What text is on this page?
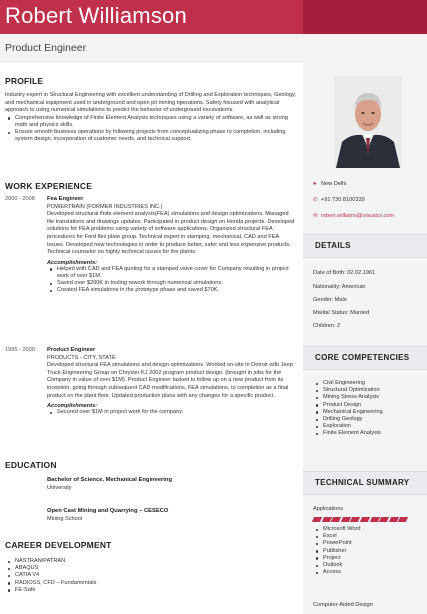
Robert Williamson
Product Engineer
PROFILE

Industry expert in Structural Engineering with excellent understanding of Drilling and Exploration techniques, Geology, and mechanical equipment used in underground and open pit mining operations. Safety focused with analytical approach to using numerical simulations to predict the behavior of underground excavations.

Comprehensive knowledge of Finite Element Analysis techniques using a variety of software, as well as strong math and physics skills.
Ensure smooth business operations by following projects from conceptualizing phase to completion, including system design, incorporation of customer needs, and technical support.
WORK EXPERIENCE
2000 - 2008 Fea Engineer
POWERTRAIN (FORMER INDUSTRIES INC.)

Developed structural finite element analysis(FEA) simulations and design optimizations. Managed file translations and drawings updates. Participated in product design on Honda projects. Developed solutions for FEA problems using variety of software applications. Organized structural FEA procedures for Ford flex plate group. Technical expert in stamping, mechanical, CAD and FEA issues. Developed new technologies in order to produce better, safer and less expensive products. Technical counselor on highly technical issues for the plants.

Accomplishments:
Helped with CAD and FEA quoting for a stamped valve cover for Company resulting in project work of over $1M.
Saved over $200K in tooling rework through numerical simulations.
Created FEA simulations in the prototype phase and saved $70K.
1995 - 2000 Product Engineer
PRODUCTS - CITY, STATE

Developed structural FEA simulations and design optimizations. Worked on-site in Detroit with Jeep Truck Engineering Group on Chrysler KJ 2002 program product design. (brought in jobs for the Company in value of over $1M). Product Engineer tasked to follow up on a new product from its inception, going through subsequent CAD modifications, FEA simulations, to completion as a final product on the plant floor. Updated production plans with any changes for a specific product.

Accomplishments:
Secured over $1M in project work for the company.
EDUCATION
Bachelor of Science, Mechanical Engineering
University
Open Cast Mining and Quarrying – CESECO
Mining School
CAREER DEVELOPMENT
NASTRAN/PATRAN
ABAQUS
CATIA V4
RADIOSS, CFD – Fundamentals
FE-Safe
● New Delhi
✆ +91 730 8100339
✉ robert.williams@visualcv.com
DETAILS
Date of Birth: 02.02.1961
Nationality: American
Gender: Male
Marital Status: Married
Children: 2
CORE COMPETENCIES
Civil Engineering
Structural Optimization
Mining Stress Analysis
Product Design
Mechanical Engineering
Drilling Geology
Exploration
Finite Element Analysis
TECHNICAL SUMMARY
Applications
Microsoft Word
Excel
PowerPoint
Publisher
Project
Outlook
Access
Computer-Aided Design
